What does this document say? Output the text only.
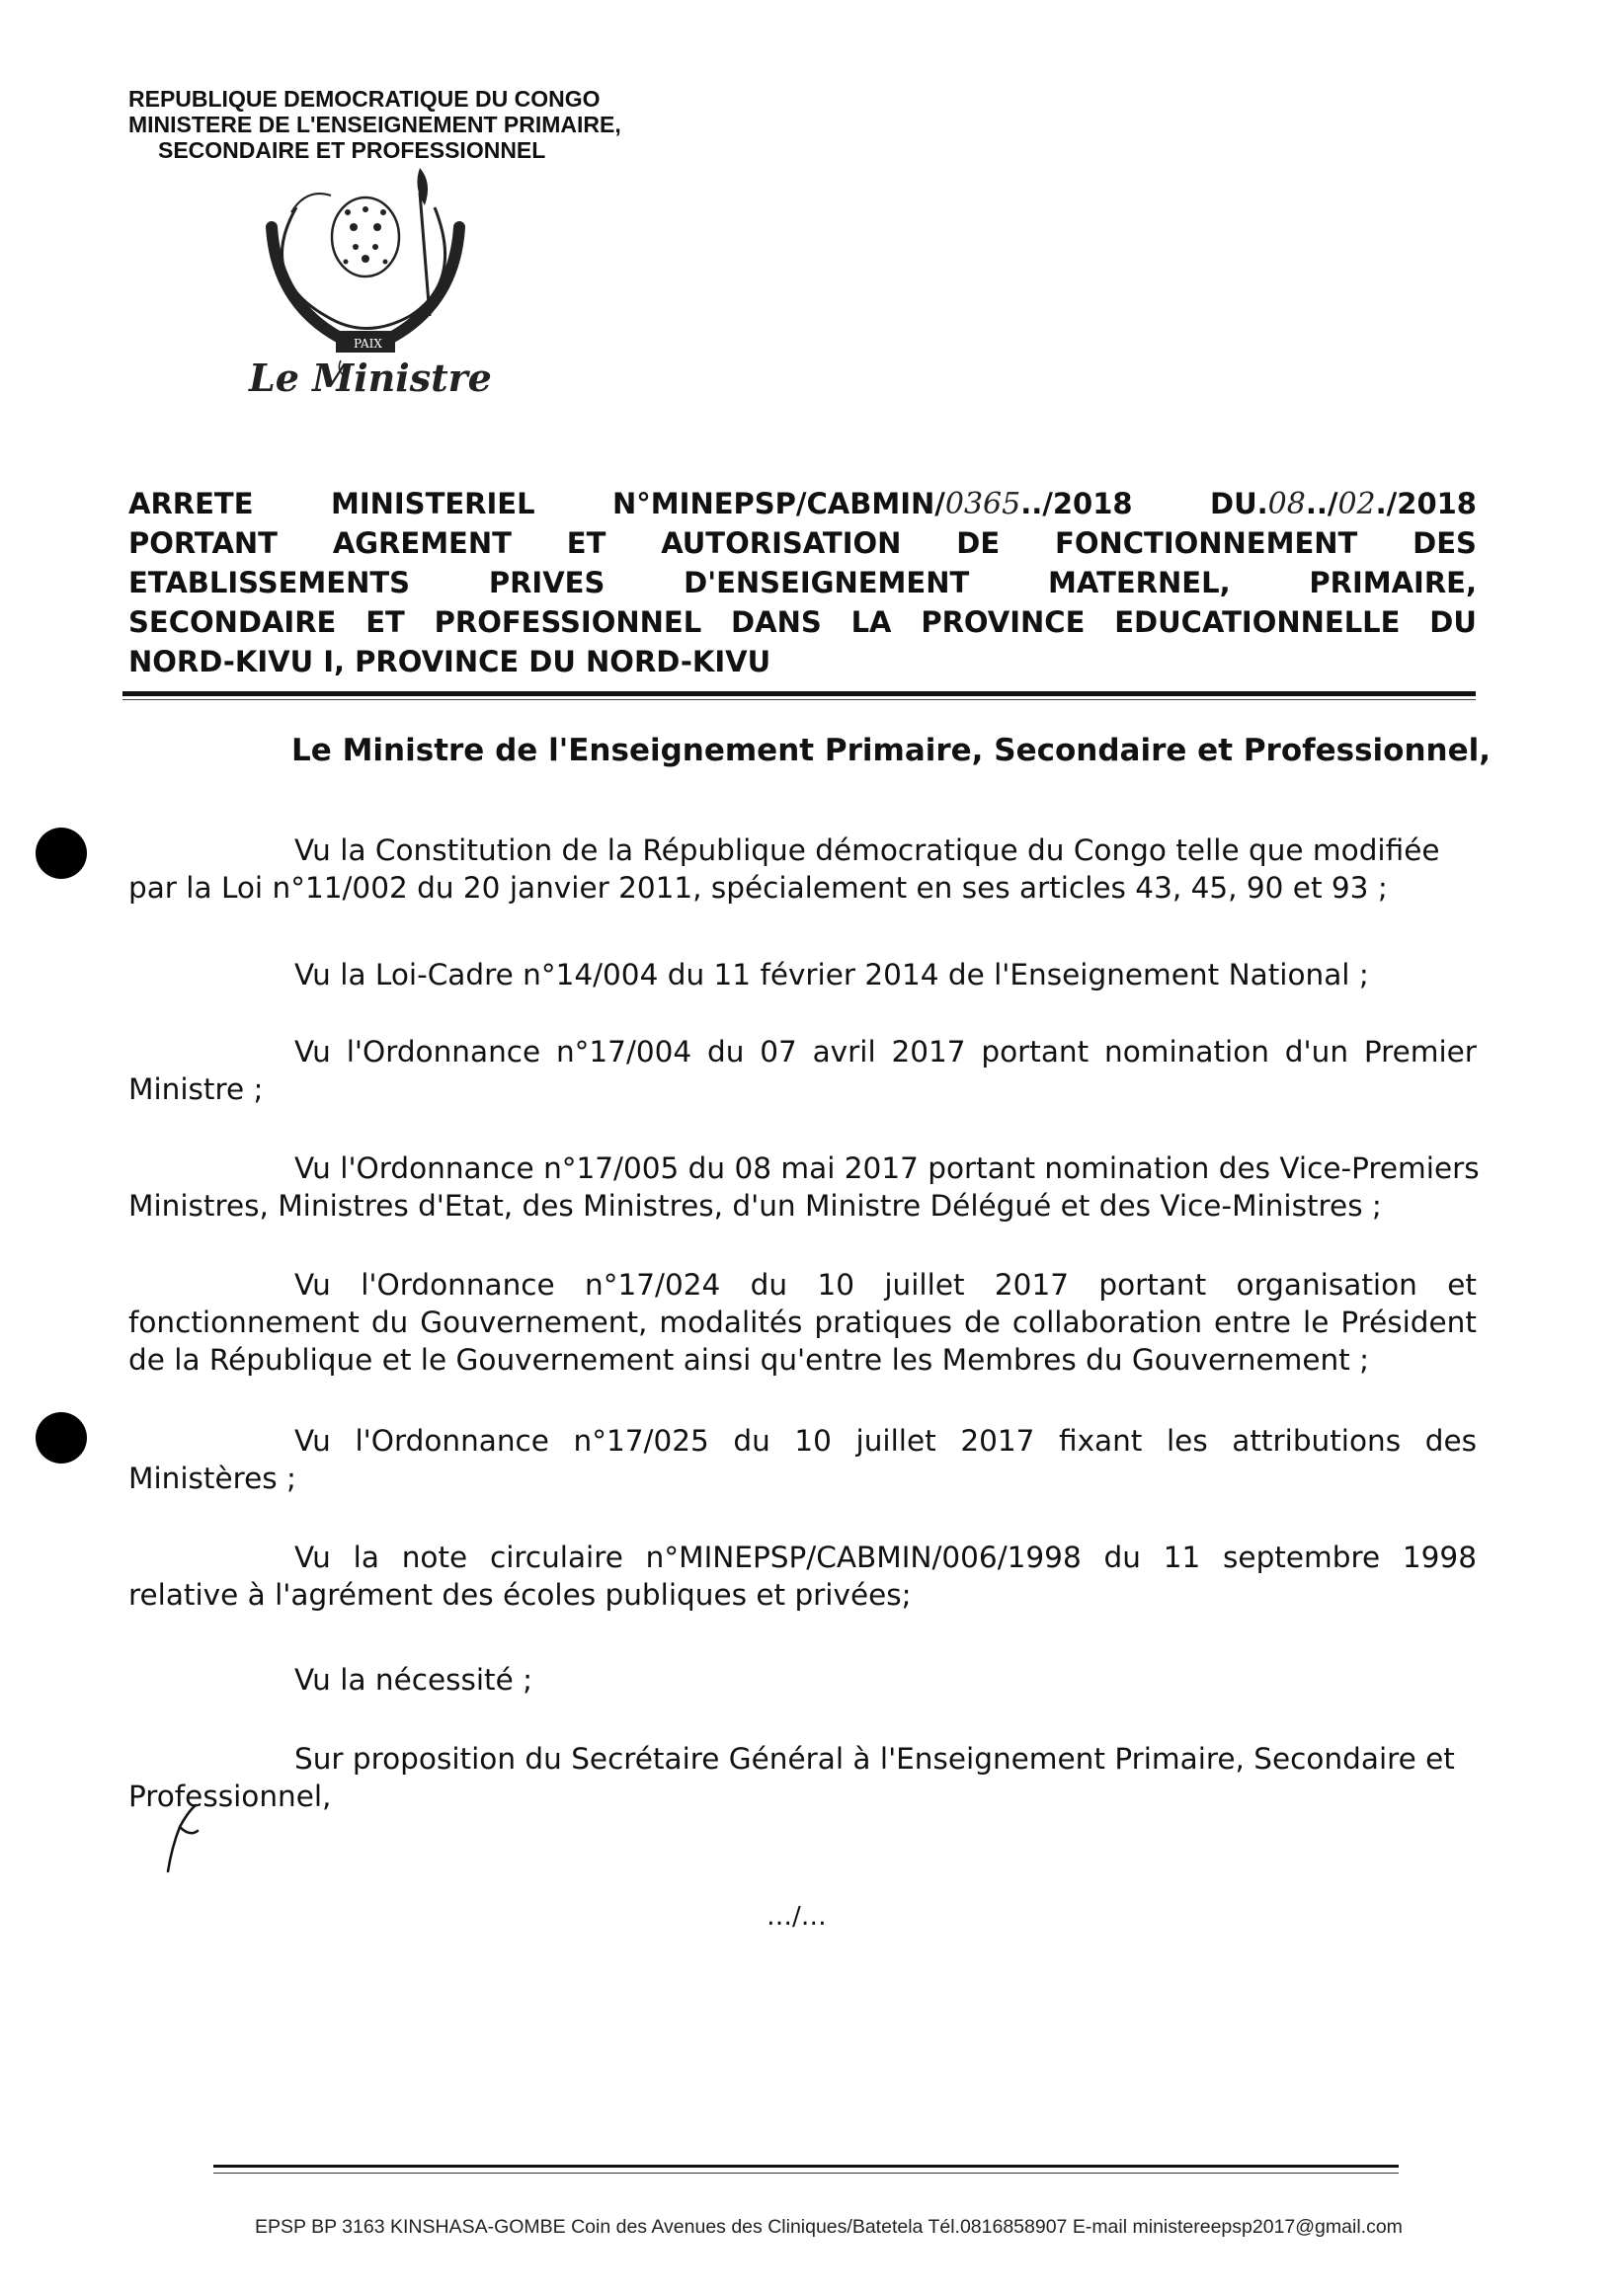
REPUBLIQUE DEMOCRATIQUE DU CONGO
MINISTERE DE L'ENSEIGNEMENT PRIMAIRE,
SECONDAIRE ET PROFESSIONNEL
PAIX
Le Ministre
ARRETE	MINISTERIEL	N°MINEPSP/CABMIN/0365../2018	DU.08../02./2018
PORTANT AGREMENT ET AUTORISATION DE FONCTIONNEMENT DES
ETABLISSEMENTS	PRIVES	D'ENSEIGNEMENT	MATERNEL,	PRIMAIRE,
SECONDAIRE ET PROFESSIONNEL DANS LA PROVINCE EDUCATIONNELLE DU
NORD-KIVU I, PROVINCE DU NORD-KIVU
Le Ministre de l'Enseignement Primaire, Secondaire et Professionnel,
Vu la Constitution de la République démocratique du Congo telle que modifiée
par la Loi n°11/002 du 20 janvier 2011, spécialement en ses articles 43, 45, 90 et 93 ;
Vu la Loi-Cadre n°14/004 du 11 février 2014 de l'Enseignement National ;
Vu l'Ordonnance n°17/004 du 07 avril 2017 portant nomination d'un Premier
Ministre ;
Vu l'Ordonnance n°17/005 du 08 mai 2017 portant nomination des Vice-Premiers
Ministres, Ministres d'Etat, des Ministres, d'un Ministre Délégué et des Vice-Ministres ;
Vu l'Ordonnance n°17/024 du 10 juillet 2017 portant organisation et
fonctionnement du Gouvernement, modalités pratiques de collaboration entre le Président
de la République et le Gouvernement ainsi qu'entre les Membres du Gouvernement ;
Vu l'Ordonnance n°17/025 du 10 juillet 2017 fixant les attributions des
Ministères ;
Vu la note circulaire n°MINEPSP/CABMIN/006/1998 du 11 septembre 1998
relative à l'agrément des écoles publiques et privées;
Vu la nécessité ;
Sur proposition du Secrétaire Général à l'Enseignement Primaire, Secondaire et
Professionnel,
…/…
EPSP BP 3163 KINSHASA-GOMBE Coin des Avenues des Cliniques/Batetela Tél.0816858907 E-mail ministereepsp2017@gmail.com
